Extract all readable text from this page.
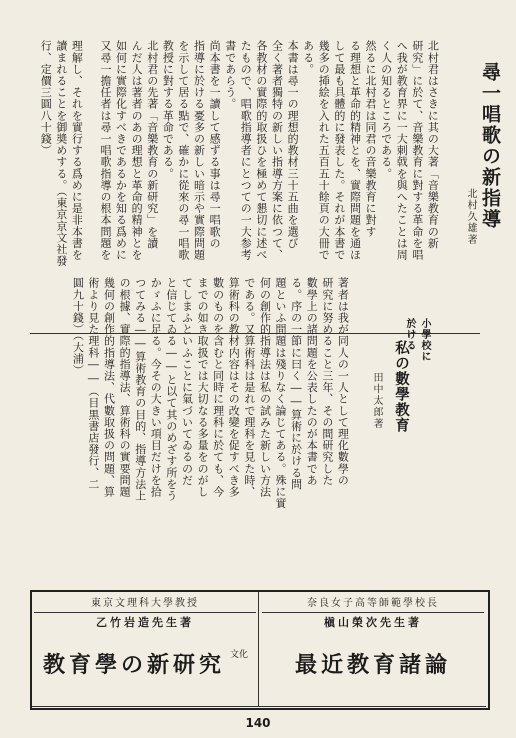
尋一唱歌の新指導
北村久雄著

北村君はさきに其の大著「音樂教育の新
研究」に於て、音樂教育に對する革命を唱
へ我が教育界に一大刺戟を與へたことは周
く人の知るところである。
然るに北村君は同君の音樂教育に對す
る理想と革命的精神とを、實際問題を通ほ
して最も具體的に發表した。それが本書で
幾多の揷絵を入れた五百五十餘頁の大冊で
ある。
本書は尋一の理想的教材三十五曲を選び
全く著者獨特の新しい指導方案に依つて、
各教材の實際的取扱ひを極めて懇切に述べ
たもので、唱歌指導者にとつての一大参考
書であらう。
尚本書を一讀して感ずる事は尋一唱歌の
指導に於ける憂多の新しい暗示や實際問題
を示して居る點で、確かに從來の尋一唱歌
教授に對する革命である。
北村君の先著「音樂教育の新研究」を讀
んだ人は著者のあの理想と革命的精神とを
如何に實際化すべきであるかを知る爲めに
又尋一擔任者は尋一唱歌指導の根本問題を

理解し、それを實行する爲めに是非本書を
讀まれることを御奬めする。（東京京文社發
行、定價三圓八十錢）

小學校に於ける
私の數學教育
田中太郎著

著者は我が同人の一人として理化數學の
研究に努めること三年、その間研究した
數學上の諸問題を公表したのが本書であ
る。序の一節に曰く――算術に於ける問
題といふ問題は殘りなく論じてある。殊に實
何の創作的指導法は私の試みた新しい方法
である。又算術科は是れで理科を見た時、
算術科の教材内容はその改變を促すべき多
數のものを含むと同時に理科に於ても、今
までの如き取扱では大切なる多量をのがし
てしまふといふことに氣づいてゐるのだ
と信じてゐる――と以て其のめざす所をう
かゞふに足る。今その大きい項目だけを拾
つてみる――算術教育の目的、指導方法上
の根據、實際的指導法、算術科の實要問題
幾何の創作的指導法、代數取扱の問題、算
術より見た理科――（目黒書店發行、二
圓九十錢）（大浦）

奈良女子高等師範學校長
槇山榮次先生著
最近教育諸論
東京文理科大學教授
乙竹岩造先生著
教育學の新研究 文化
140
